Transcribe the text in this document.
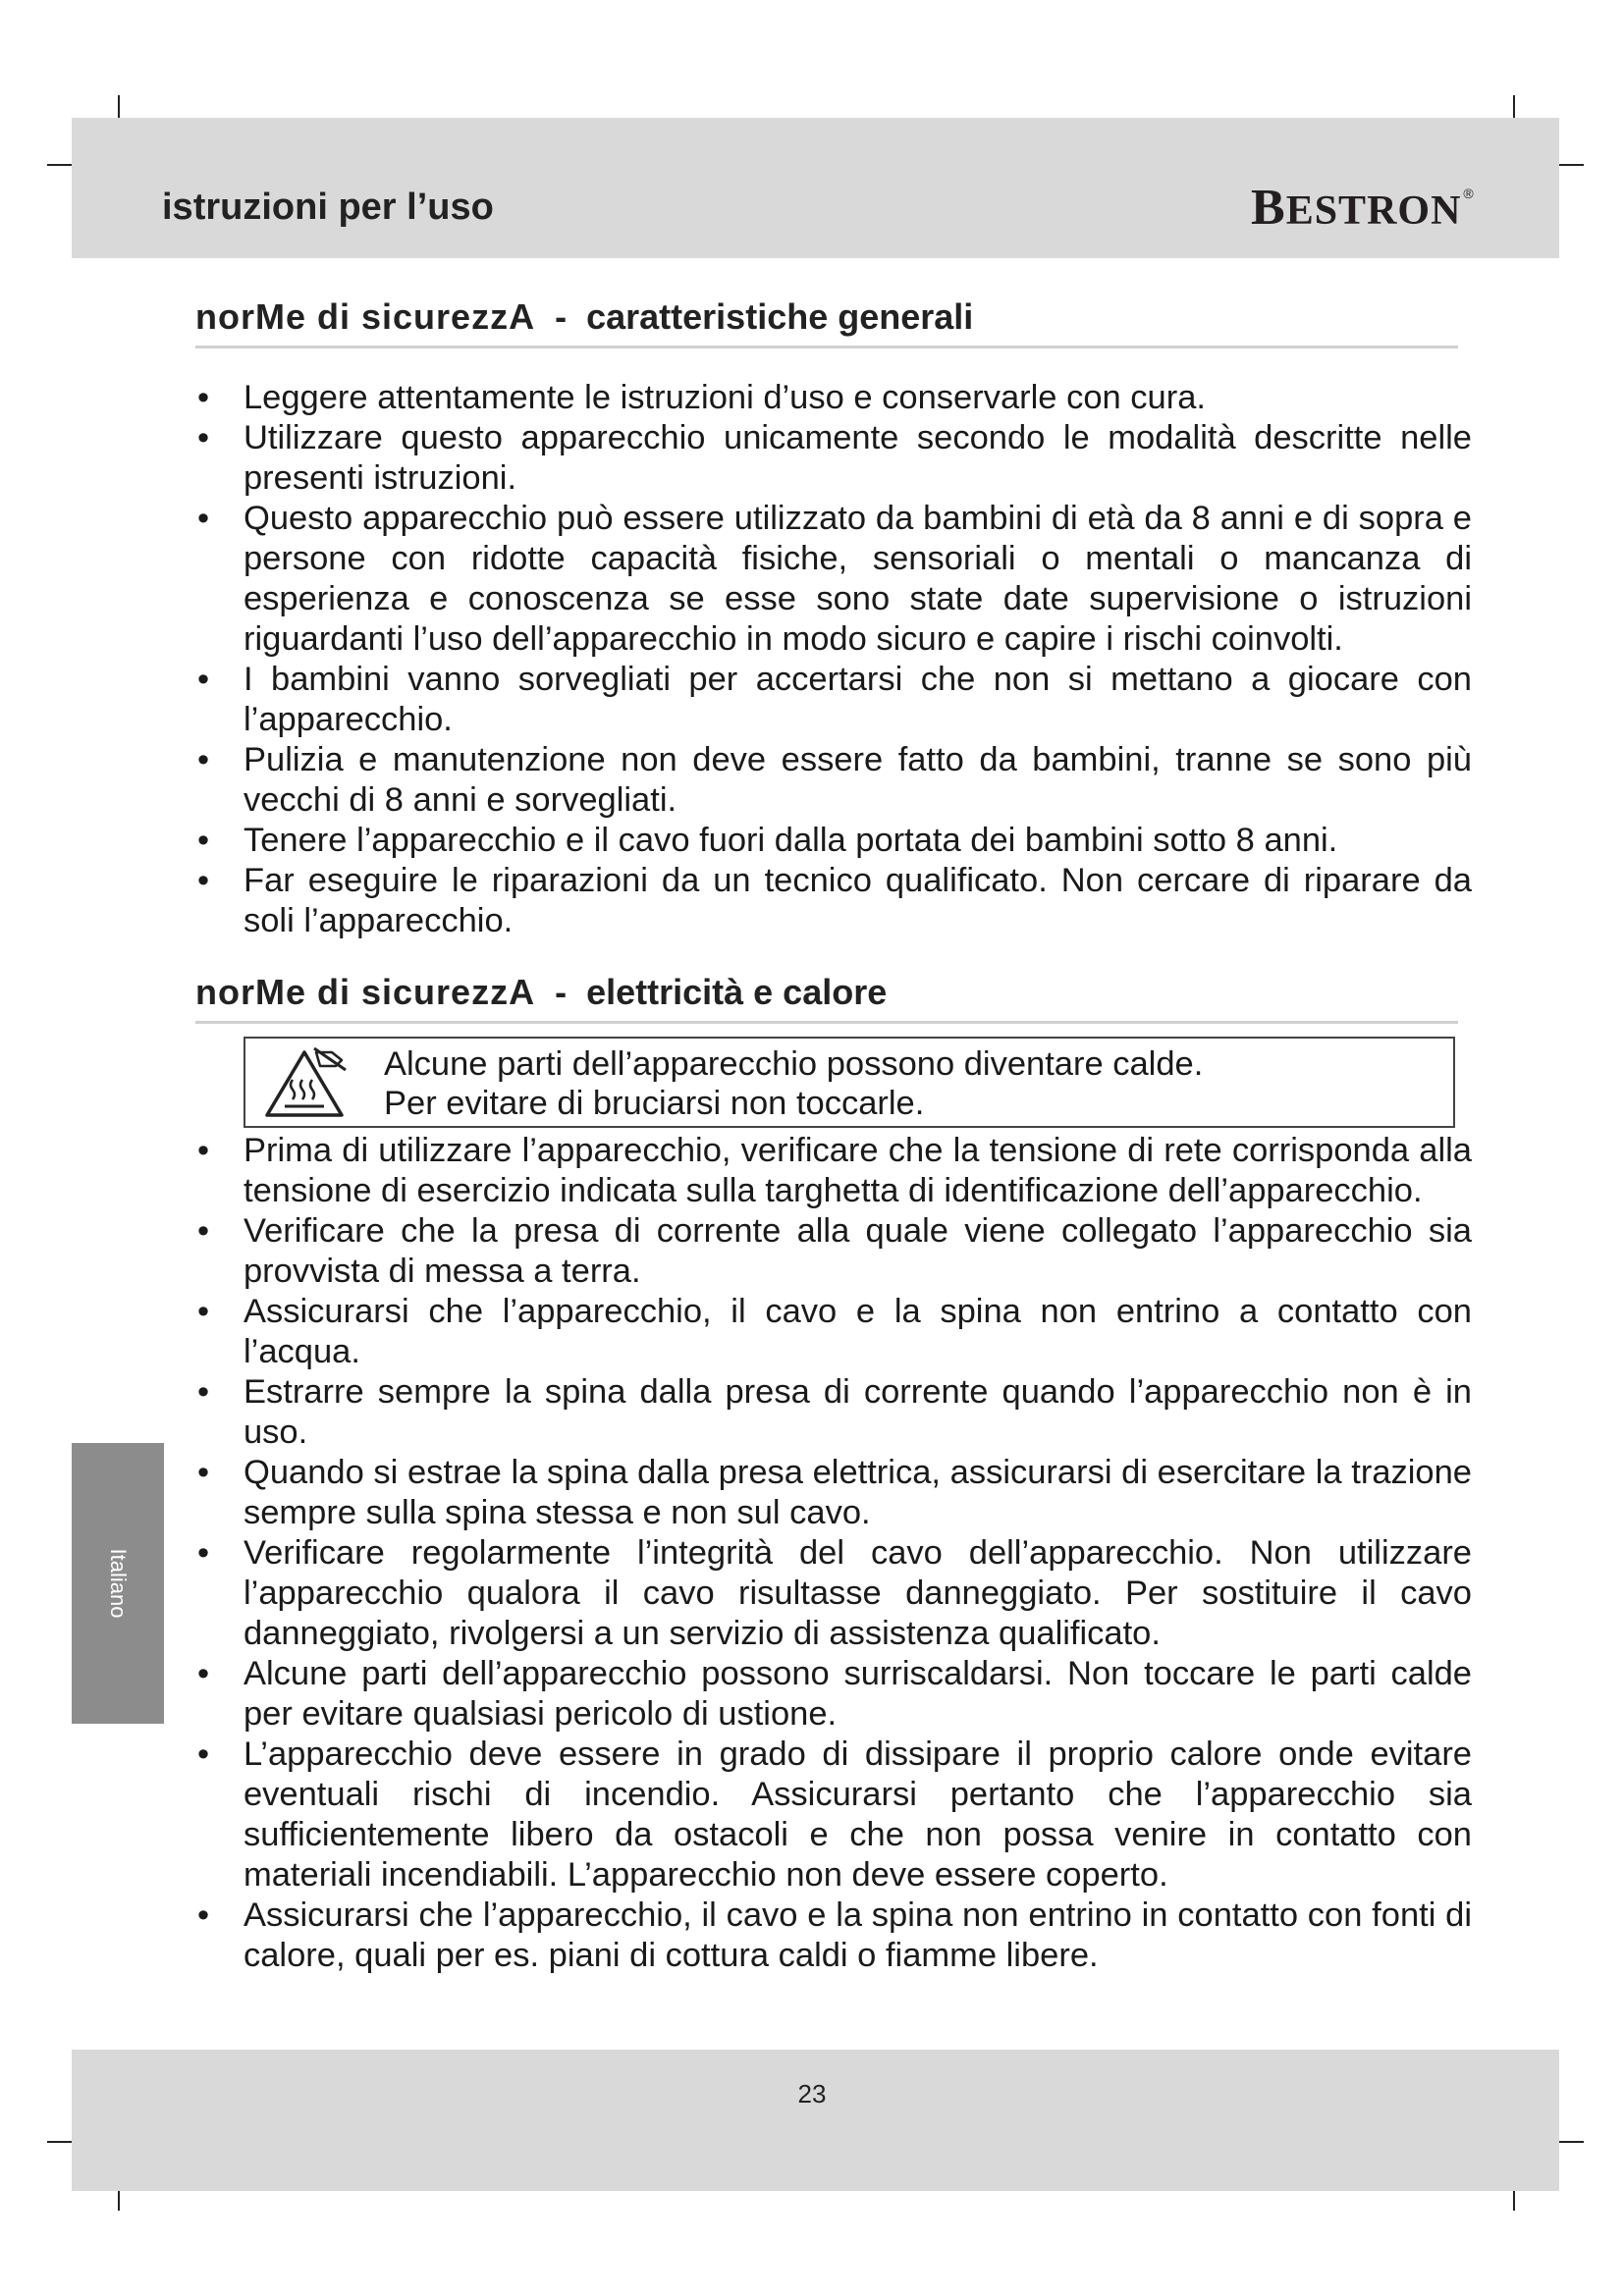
istruzioni per l’uso	BESTRON ®
norMe di sicurezzA - caratteristiche generali
• Leggere attentamente le istruzioni d’uso e conservarle con cura.
• Utilizzare questo apparecchio unicamente secondo le modalità descritte nelle presenti istruzioni.
• Questo apparecchio può essere utilizzato da bambini di età da 8 anni e di sopra e persone con ridotte capacità fisiche, sensoriali o mentali o mancanza di esperienza e conoscenza se esse sono state date supervisione o istruzioni riguardanti l’uso dell’apparecchio in modo sicuro e capire i rischi coinvolti.
• I bambini vanno sorvegliati per accertarsi che non si mettano a giocare con l’apparecchio.
• Pulizia e manutenzione non deve essere fatto da bambini, tranne se sono più vecchi di 8 anni e sorvegliati.
• Tenere l’apparecchio e il cavo fuori dalla portata dei bambini sotto 8 anni.
• Far eseguire le riparazioni da un tecnico qualificato. Non cercare di riparare da soli l’apparecchio.
norMe di sicurezzA - elettricità e calore
Alcune parti dell’apparecchio possono diventare calde.
Per evitare di bruciarsi non toccarle.
• Prima di utilizzare l’apparecchio, verificare che la tensione di rete corrisponda alla tensione di esercizio indicata sulla targhetta di identificazione dell’apparecchio.
• Verificare che la presa di corrente alla quale viene collegato l’apparecchio sia provvista di messa a terra.
• Assicurarsi che l’apparecchio, il cavo e la spina non entrino a contatto con l’acqua.
• Estrarre sempre la spina dalla presa di corrente quando l’apparecchio non è in uso.
• Quando si estrae la spina dalla presa elettrica, assicurarsi di esercitare la trazione sempre sulla spina stessa e non sul cavo.
• Verificare regolarmente l’integrità del cavo dell’apparecchio. Non utilizzare l’apparecchio qualora il cavo risultasse danneggiato. Per sostituire il cavo danneggiato, rivolgersi a un servizio di assistenza qualificato.
• Alcune parti dell’apparecchio possono surriscaldarsi. Non toccare le parti calde per evitare qualsiasi pericolo di ustione.
• L’apparecchio deve essere in grado di dissipare il proprio calore onde evitare eventuali rischi di incendio. Assicurarsi pertanto che l’apparecchio sia sufficientemente libero da ostacoli e che non possa venire in contatto con materiali incendiabili. L’apparecchio non deve essere coperto.
• Assicurarsi che l’apparecchio, il cavo e la spina non entrino in contatto con fonti di calore, quali per es. piani di cottura caldi o fiamme libere.
Italiano
23
